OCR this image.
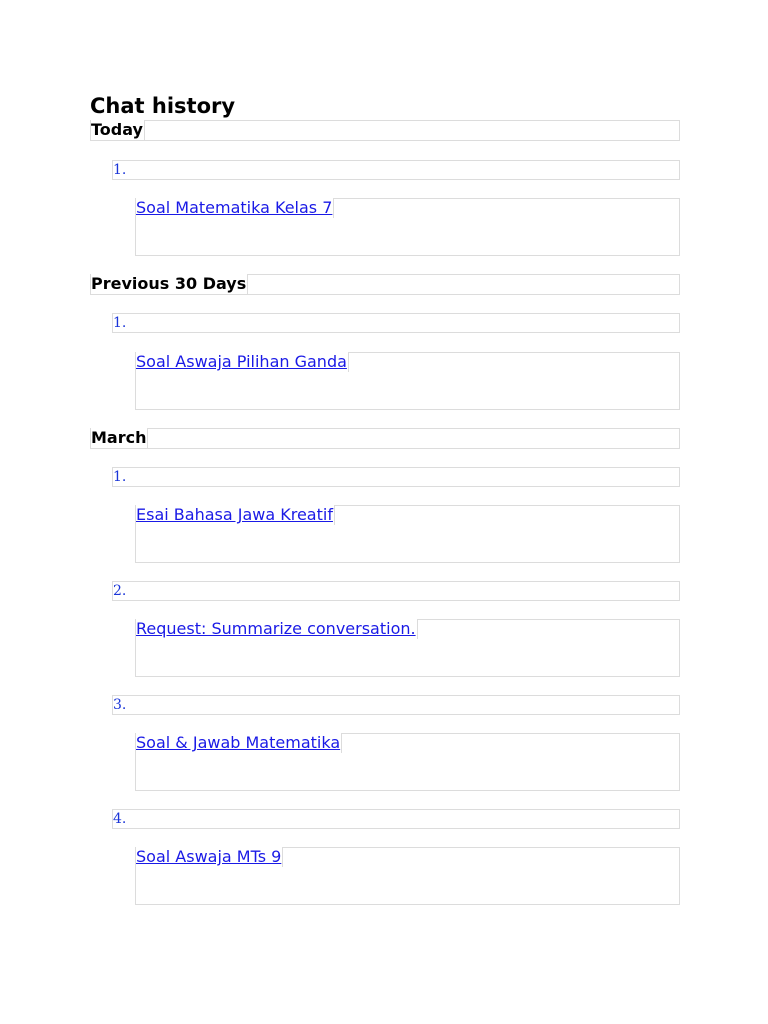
Chat history
Today
1.
Soal Matematika Kelas 7
Previous 30 Days
1.
Soal Aswaja Pilihan Ganda
March
1.
Esai Bahasa Jawa Kreatif
2.
Request: Summarize conversation.
3.
Soal & Jawab Matematika
4.
Soal Aswaja MTs 9
